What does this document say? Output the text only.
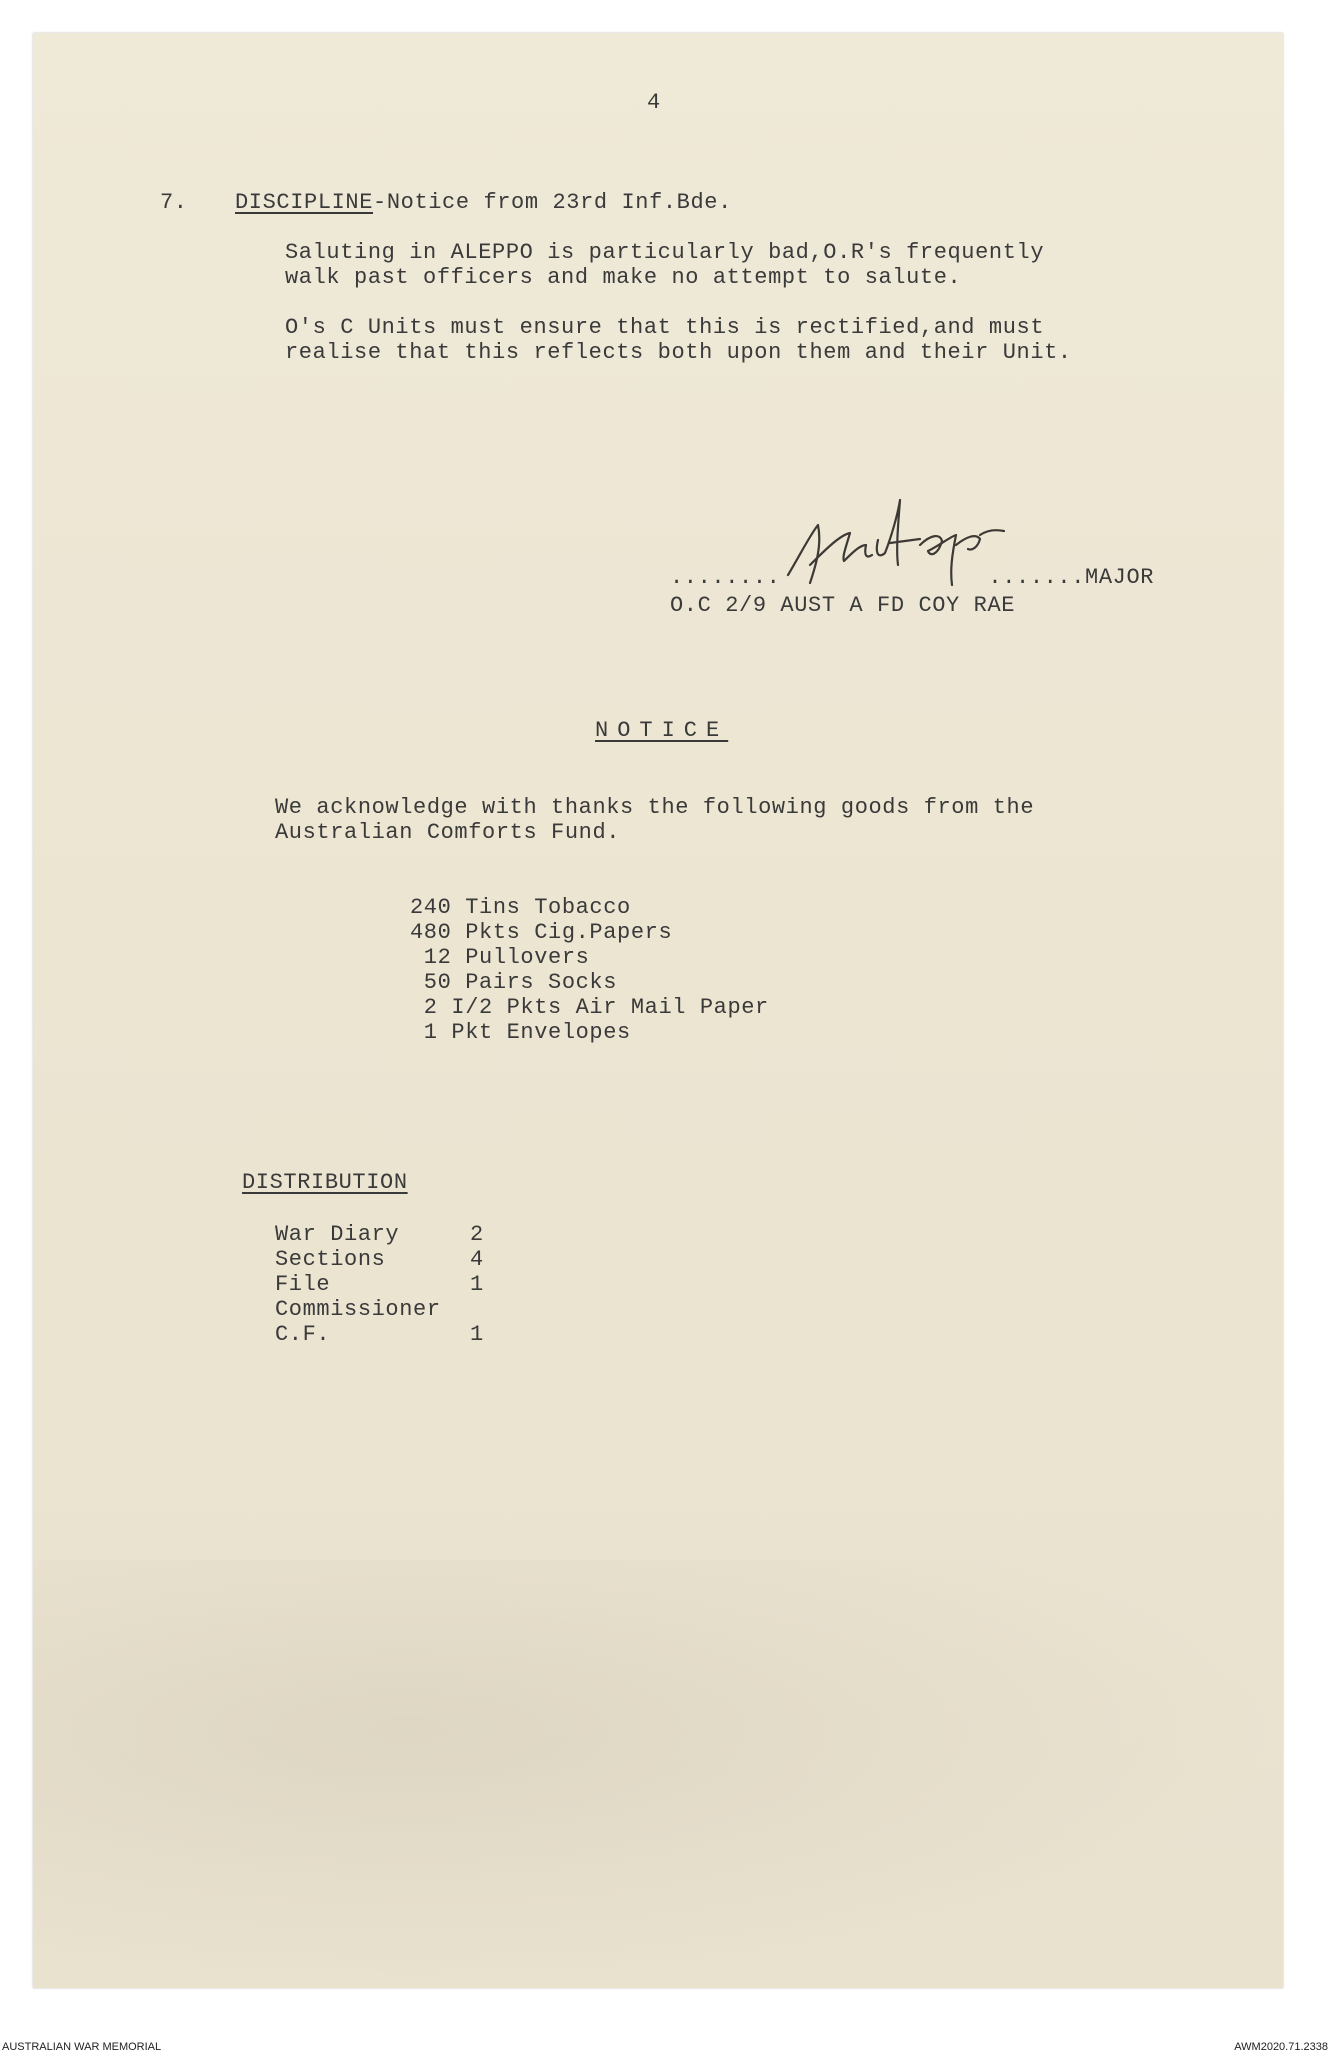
4

7. DISCIPLINE-Notice from 23rd Inf.Bde.

Saluting in ALEPPO is particularly bad,O.R's frequently

walk past officers and make no attempt to salute.

O's C Units must ensure that this is rectified,and must

realise that this reflects both upon them and their Unit.

........	.......MAJOR

O.C 2/9 AUST A FD COY RAE

NOTICE

We acknowledge with thanks the following goods from the

Australian Comforts Fund.

240 Tins Tobacco

480 Pkts Cig.Papers

12 Pullovers

50 Pairs Socks

2 I/2 Pkts Air Mail Paper

1 Pkt Envelopes

DISTRIBUTION

War Diary	2

Sections	4

File	1

Commissioner

C.F.	1

AUSTRALIAN WAR MEMORIAL	AWM2020.71.2338
